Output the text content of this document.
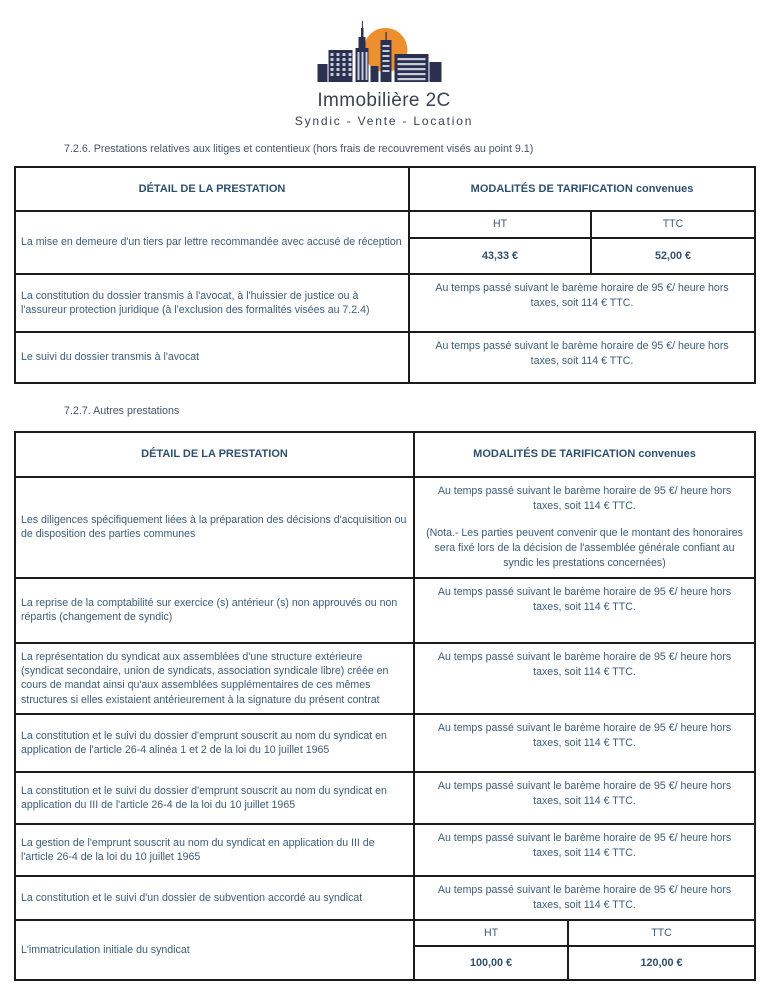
Immobilière 2C
Syndic - Vente - Location
7.2.6. Prestations relatives aux litiges et contentieux (hors frais de recouvrement visés au point 9.1)
DÉTAIL DE LA PRESTATION	MODALITÉS DE TARIFICATION convenues	
La mise en demeure d'un tiers par lettre recommandée avec accusé de réception	HT	TTC
	43,33 €	52,00 €
La constitution du dossier transmis à l'avocat, à l'huissier de justice ou à l'assureur protection juridique (à l'exclusion des formalités visées au 7.2.4)	Au temps passé suivant le barème horaire de 95 €/ heure hors taxes, soit 114 € TTC.	
Le suivi du dossier transmis à l'avocat	Au temps passé suivant le barème horaire de 95 €/ heure hors taxes, soit 114 € TTC.	
7.2.7. Autres prestations
DÉTAIL DE LA PRESTATION	MODALITÉS DE TARIFICATION convenues	
Les diligences spécifiquement liées à la préparation des décisions d'acquisition ou de disposition des parties communes	Au temps passé suivant le barème horaire de 95 €/ heure hors taxes, soit 114 € TTC.
(Nota.- Les parties peuvent convenir que le montant des honoraires sera fixé lors de la décision de l'assemblée générale confiant au syndic les prestations concernées)	

La reprise de la comptabilité sur exercice (s) antérieur (s) non approuvés ou non répartis (changement de syndic)	Au temps passé suivant le barème horaire de 95 €/ heure hors taxes, soit 114 € TTC.	
La représentation du syndicat aux assemblées d'une structure extérieure (syndicat secondaire, union de syndicats, association syndicale libre) créée en cours de mandat ainsi qu'aux assemblées supplémentaires de ces mêmes structures si elles existaient antérieurement à la signature du présent contrat	Au temps passé suivant le barème horaire de 95 €/ heure hors taxes, soit 114 € TTC.	
La constitution et le suivi du dossier d'emprunt souscrit au nom du syndicat en application de l'article 26-4 alinéa 1 et 2 de la loi du 10 juillet 1965	Au temps passé suivant le barème horaire de 95 €/ heure hors taxes, soit 114 € TTC.	
La constitution et le suivi du dossier d'emprunt souscrit au nom du syndicat en application du III de l'article 26-4 de la loi du 10 juillet 1965	Au temps passé suivant le barème horaire de 95 €/ heure hors taxes, soit 114 € TTC.	
La gestion de l'emprunt souscrit au nom du syndicat en application du III de l'article 26-4 de la loi du 10 juillet 1965	Au temps passé suivant le barème horaire de 95 €/ heure hors taxes, soit 114 € TTC.	
La constitution et le suivi d'un dossier de subvention accordé au syndicat	Au temps passé suivant le barème horaire de 95 €/ heure hors taxes, soit 114 € TTC.	
L'immatriculation initiale du syndicat	HT	TTC
	100,00 €	120,00 €
